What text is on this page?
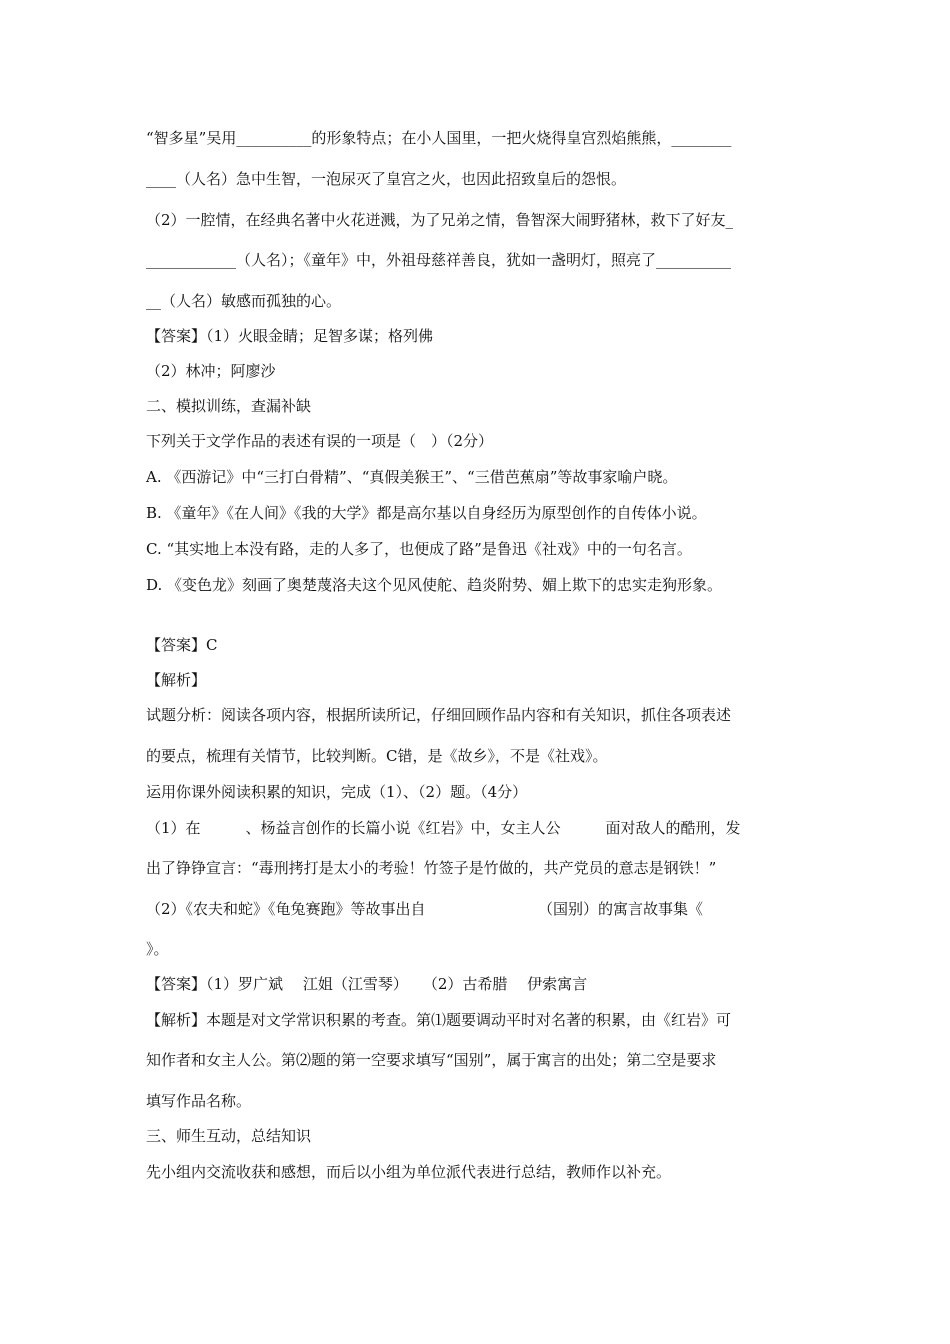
“智多星”吴用__________的形象特点；在小人国里，一把火烧得皇宫烈焰熊熊，________
____（人名）急中生智，一泡尿灭了皇宫之火，也因此招致皇后的怨恨。
（2）一腔情，在经典名著中火花迸溅，为了兄弟之情，鲁智深大闹野猪林，救下了好友_
____________（人名）；《童年》中，外祖母慈祥善良，犹如一盏明灯，照亮了__________
__（人名）敏感而孤独的心。
【答案】（1）火眼金睛；足智多谋；格列佛
（2）林冲；阿廖沙
二、模拟训练，查漏补缺
下列关于文学作品的表述有误的一项是（　）（2分）
A. 《西游记》中“三打白骨精”、“真假美猴王”、“三借芭蕉扇”等故事家喻户晓。
B. 《童年》《在人间》《我的大学》都是高尔基以自身经历为原型创作的自传体小说。
C. “其实地上本没有路，走的人多了，也便成了路”是鲁迅《社戏》中的一句名言。
D. 《变色龙》刻画了奥楚蔑洛夫这个见风使舵、趋炎附势、媚上欺下的忠实走狗形象。
【答案】C
【解析】
试题分析：阅读各项内容，根据所读所记，仔细回顾作品内容和有关知识，抓住各项表述
的要点，梳理有关情节，比较判断。C错，是《故乡》，不是《社戏》。
运用你课外阅读积累的知识，完成（1）、（2）题。（4分）
（1）在　　　、杨益言创作的长篇小说《红岩》中，女主人公　　　面对敌人的酷刑，发
出了铮铮宣言：“毒刑拷打是太小的考验！竹签子是竹做的，共产党员的意志是钢铁！”
（2）《农夫和蛇》《龟兔赛跑》等故事出自　　　　　　　　（国别）的寓言故事集《
》。
【答案】（1）罗广斌　 江姐（江雪琴）　　（2）古希腊　 伊索寓言
【解析】本题是对文学常识积累的考查。第⑴题要调动平时对名著的积累，由《红岩》可
知作者和女主人公。第⑵题的第一空要求填写“国别”，属于寓言的出处；第二空是要求
填写作品名称。
三、师生互动，总结知识
先小组内交流收获和感想，而后以小组为单位派代表进行总结，教师作以补充。
